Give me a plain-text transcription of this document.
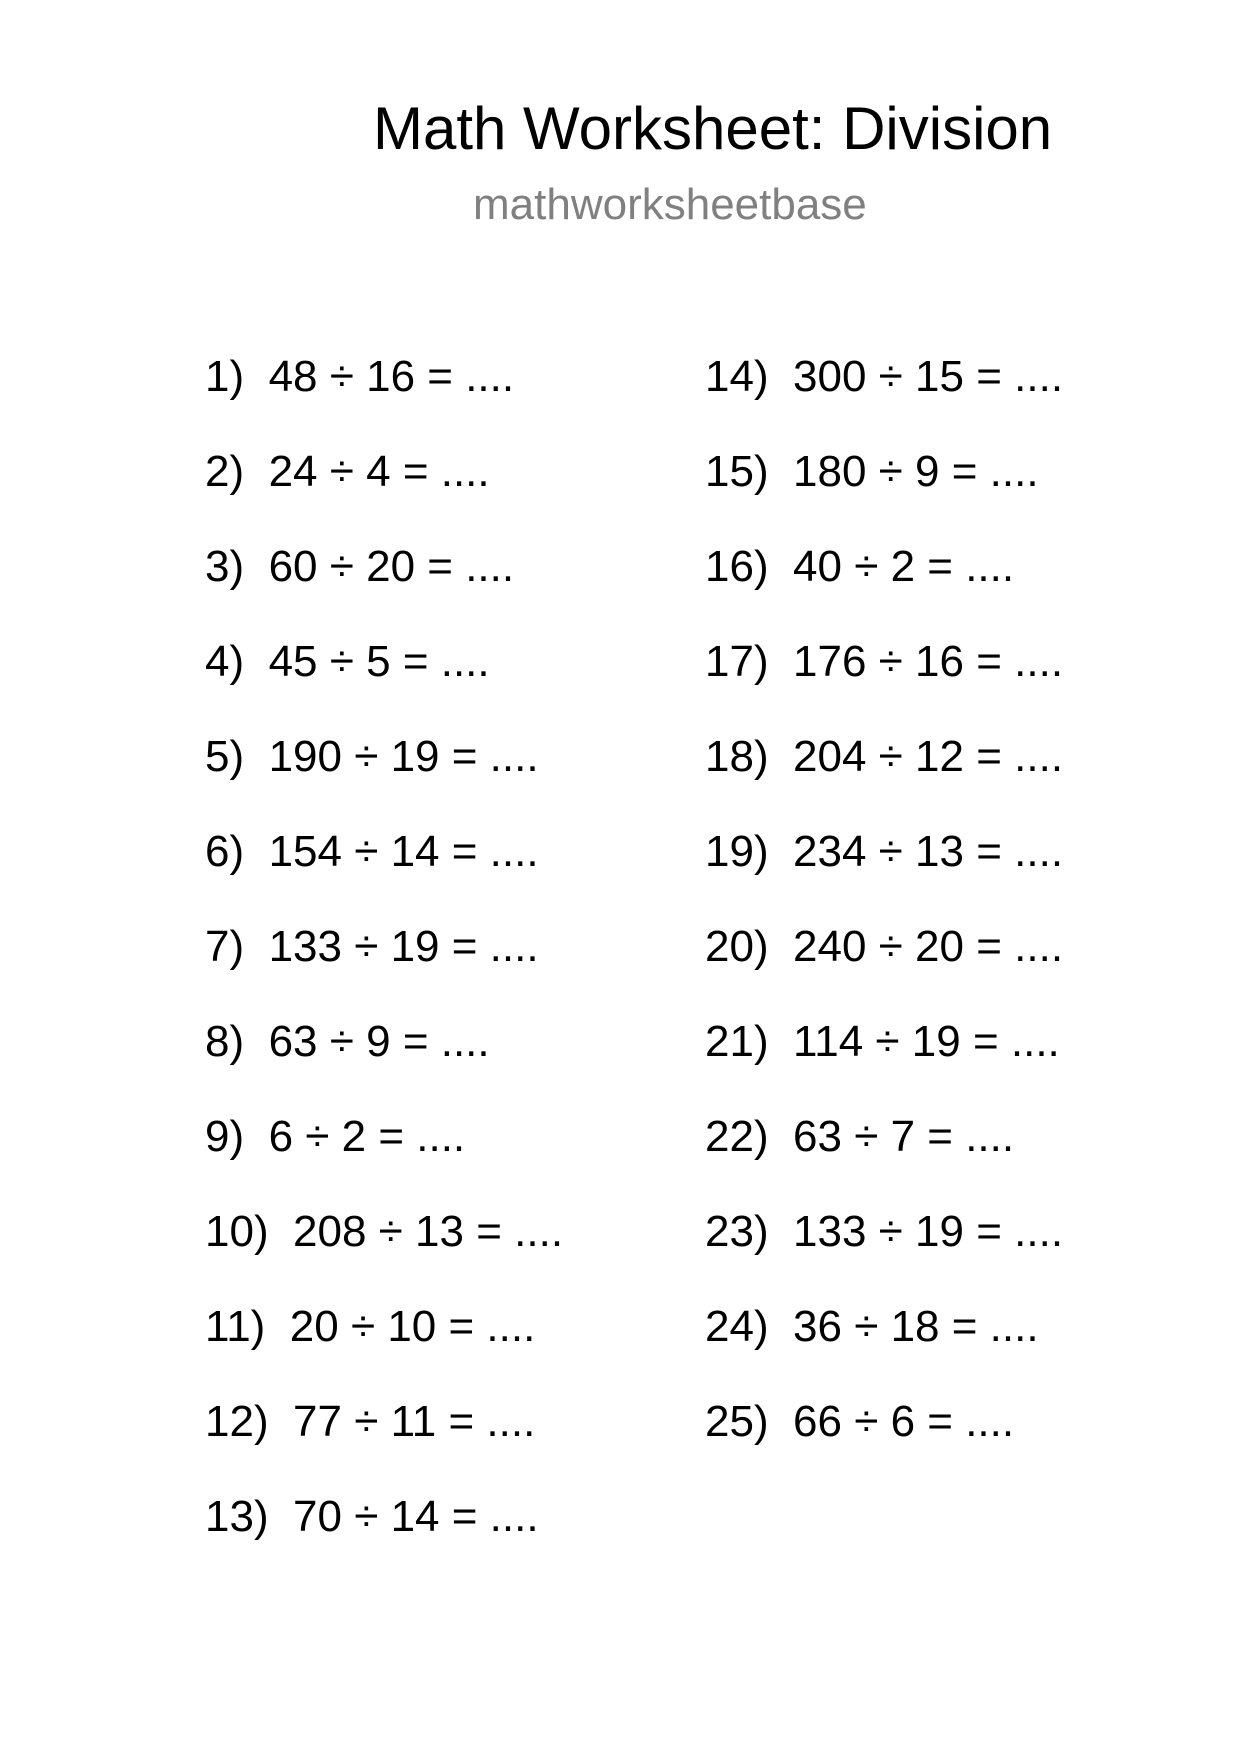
Math Worksheet: Division
mathworksheetbase
1) 48 ÷ 16 = ....
2) 24 ÷ 4 = ....
3) 60 ÷ 20 = ....
4) 45 ÷ 5 = ....
5) 190 ÷ 19 = ....
6) 154 ÷ 14 = ....
7) 133 ÷ 19 = ....
8) 63 ÷ 9 = ....
9) 6 ÷ 2 = ....
10) 208 ÷ 13 = ....
11) 20 ÷ 10 = ....
12) 77 ÷ 11 = ....
13) 70 ÷ 14 = ....
14) 300 ÷ 15 = ....
15) 180 ÷ 9 = ....
16) 40 ÷ 2 = ....
17) 176 ÷ 16 = ....
18) 204 ÷ 12 = ....
19) 234 ÷ 13 = ....
20) 240 ÷ 20 = ....
21) 114 ÷ 19 = ....
22) 63 ÷ 7 = ....
23) 133 ÷ 19 = ....
24) 36 ÷ 18 = ....
25) 66 ÷ 6 = ....
